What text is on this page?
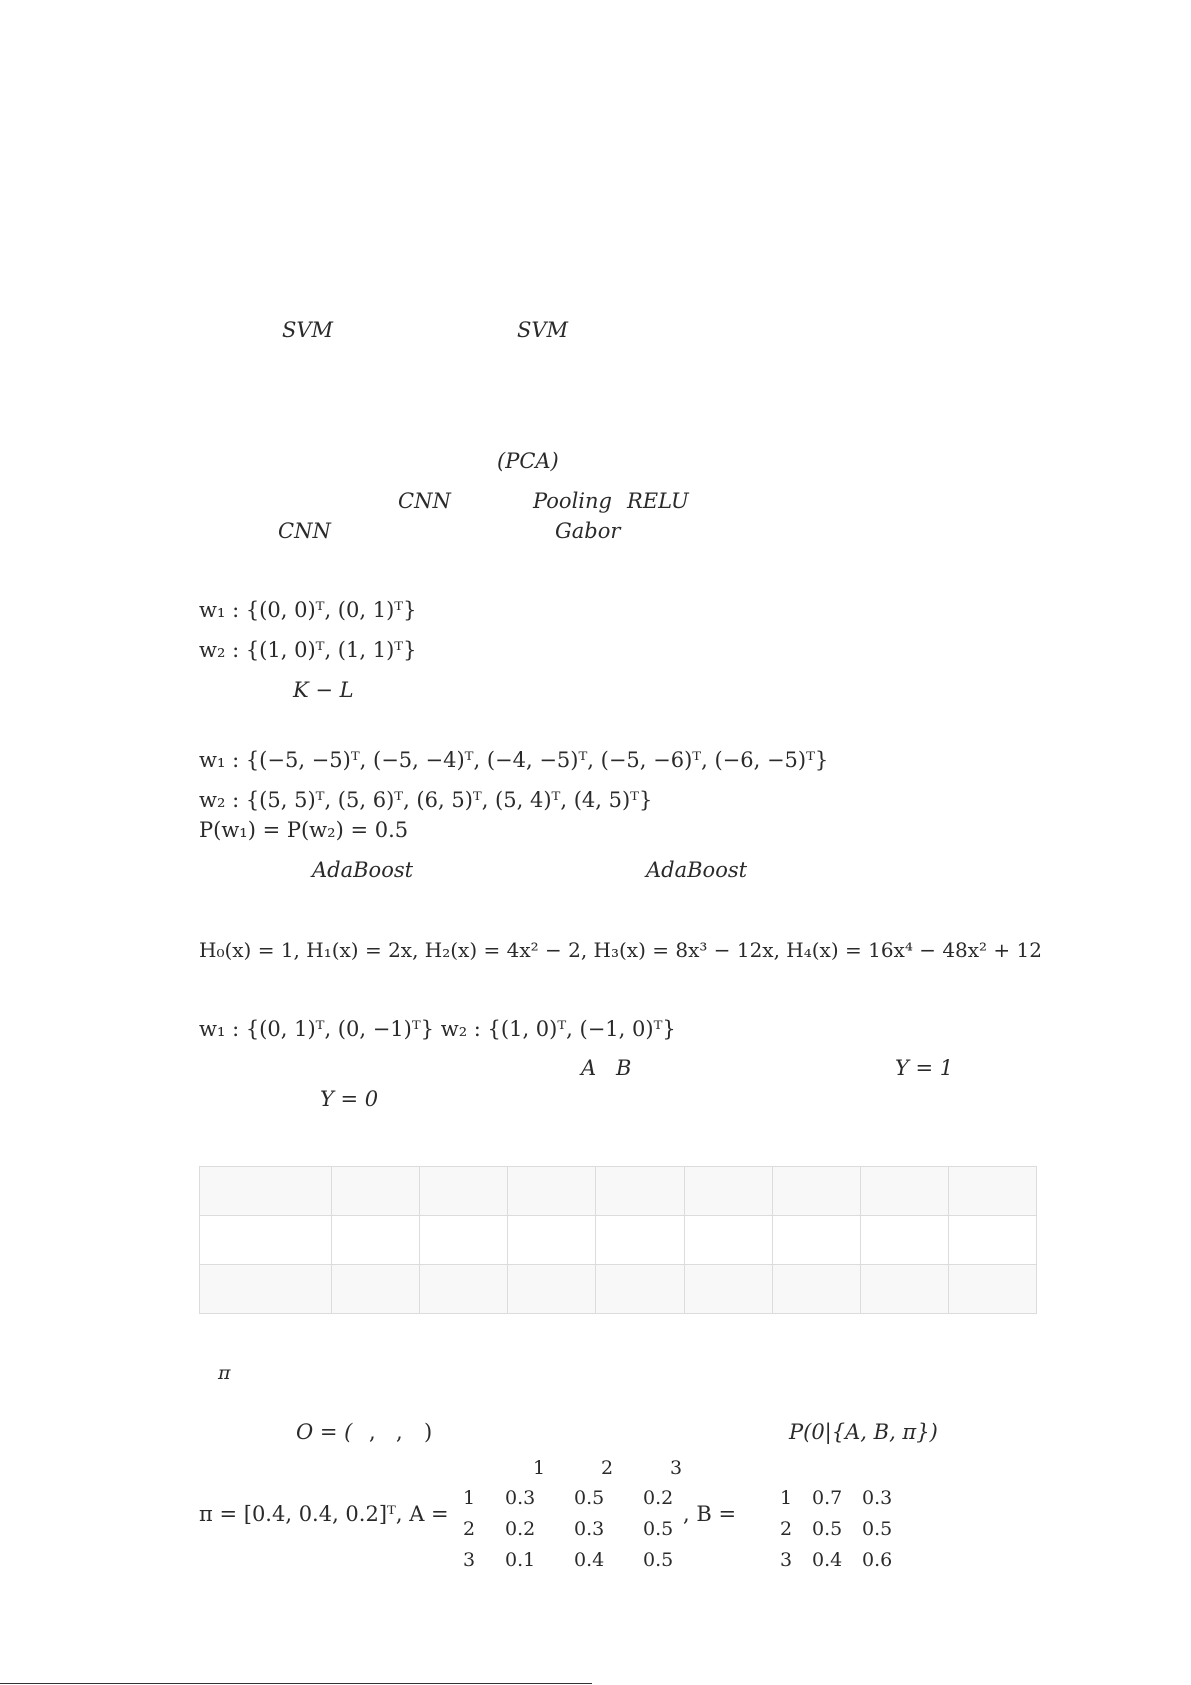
SVM	SVM
(PCA)
CNN	Pooling RELU
CNN	Gabor
w₁ : {(0, 0)ᵀ, (0, 1)ᵀ}
w₂ : {(1, 0)ᵀ, (1, 1)ᵀ}
K − L
w₁ : {(−5, −5)ᵀ, (−5, −4)ᵀ, (−4, −5)ᵀ, (−5, −6)ᵀ, (−6, −5)ᵀ}
w₂ : {(5, 5)ᵀ, (5, 6)ᵀ, (6, 5)ᵀ, (5, 4)ᵀ, (4, 5)ᵀ}
P(w₁) = P(w₂) = 0.5
AdaBoost	AdaBoost
H₀(x) = 1, H₁(x) = 2x, H₂(x) = 4x² − 2, H₃(x) = 8x³ − 12x, H₄(x) = 16x⁴ − 48x² + 12
w₁ : {(0, 1)ᵀ, (0, −1)ᵀ} w₂ : {(1, 0)ᵀ, (−1, 0)ᵀ}
A B	Y = 1
Y = 0

π
O = ( , , )	P(0|{A, B, π})
1	2	3
π = [0.4, 0.4, 0.2]ᵀ, A =
1 0.3 0.5 0.2
2 0.2 0.3 0.5
3 0.1 0.4 0.5
, B =
1 0.7 0.3
2 0.5 0.5
3 0.4 0.6
